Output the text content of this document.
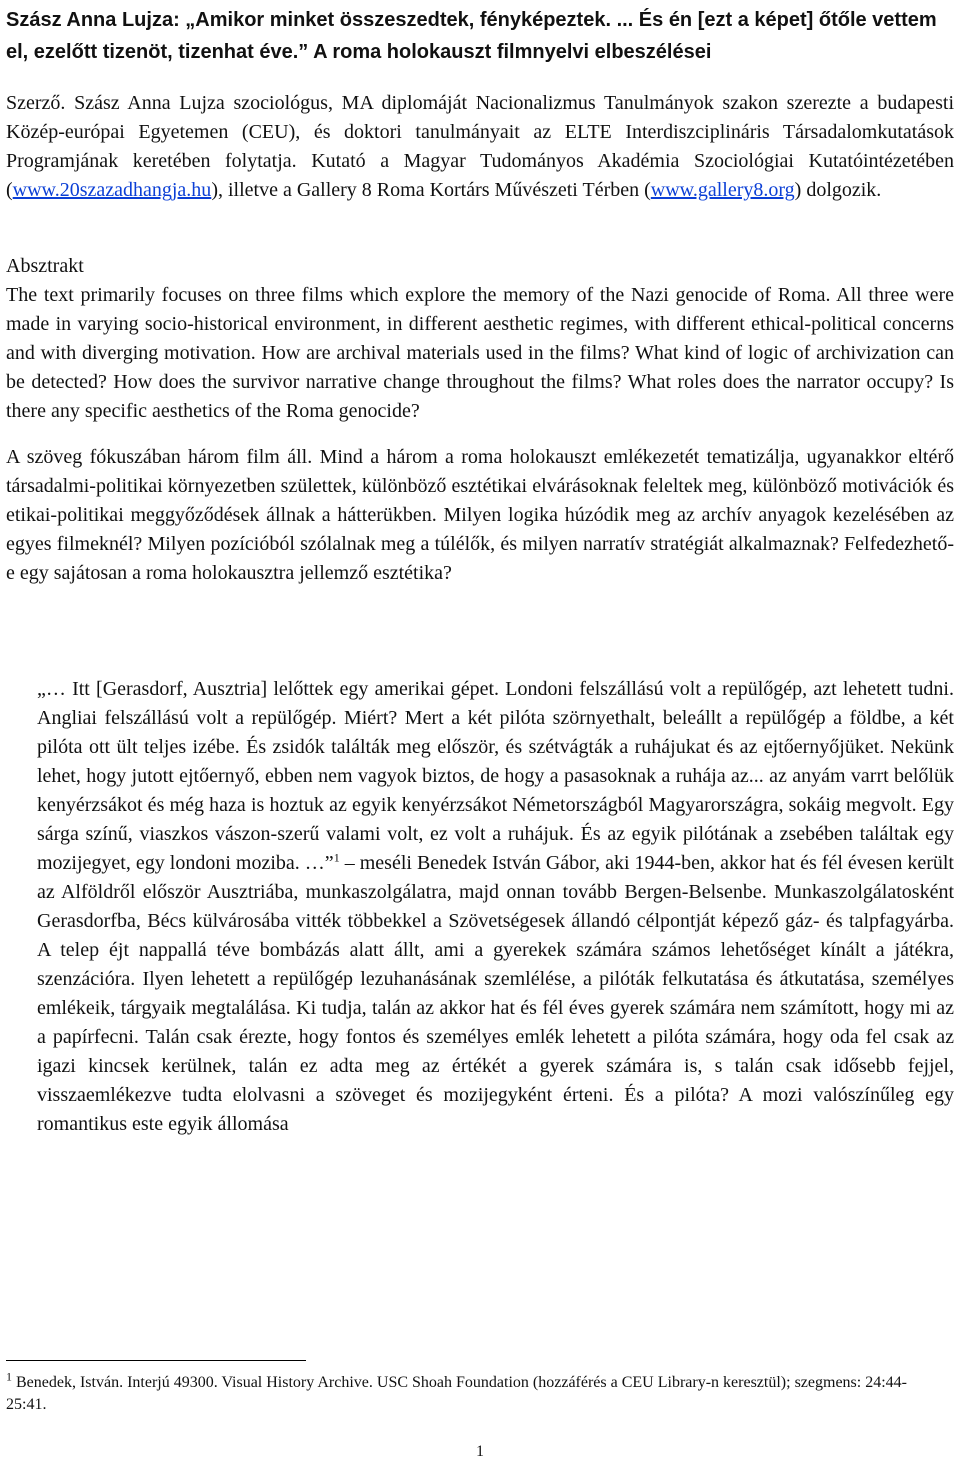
Szász Anna Lujza: „Amikor minket összeszedtek, fényképeztek. ... És én [ezt a képet] őtőle vettem el, ezelőtt tizenöt, tizenhat éve.” A roma holokauszt filmnyelvi elbeszélései

Szerző. Szász Anna Lujza szociológus, MA diplomáját Nacionalizmus Tanulmányok szakon szerezte a budapesti Közép-európai Egyetemen (CEU), és doktori tanulmányait az ELTE Interdiszciplináris Társadalomkutatások Programjának keretében folytatja. Kutató a Magyar Tudományos Akadémia Szociológiai Kutatóintézetében (www.20szazadhangja.hu), illetve a Gallery 8 Roma Kortárs Művészeti Térben (www.gallery8.org) dolgozik.

Absztrakt

The text primarily focuses on three films which explore the memory of the Nazi genocide of Roma. All three were made in varying socio-historical environment, in different aesthetic regimes, with different ethical-political concerns and with diverging motivation. How are archival materials used in the films? What kind of logic of archivization can be detected? How does the survivor narrative change throughout the films? What roles does the narrator occupy? Is there any specific aesthetics of the Roma genocide?

A szöveg fókuszában három film áll. Mind a három a roma holokauszt emlékezetét tematizálja, ugyanakkor eltérő társadalmi-politikai környezetben születtek, különböző esztétikai elvárásoknak feleltek meg, különböző motivációk és etikai-politikai meggyőződések állnak a hátterükben. Milyen logika húzódik meg az archív anyagok kezelésében az egyes filmeknél? Milyen pozícióból szólalnak meg a túlélők, és milyen narratív stratégiát alkalmaznak? Felfedezhető-e egy sajátosan a roma holokausztra jellemző esztétika?

„… Itt [Gerasdorf, Ausztria] lelőttek egy amerikai gépet. Londoni felszállású volt a repülőgép, azt lehetett tudni. Angliai felszállású volt a repülőgép. Miért? Mert a két pilóta szörnyethalt, beleállt a repülőgép a földbe, a két pilóta ott ült teljes izébe. És zsidók találták meg először, és szétvágták a ruhájukat és az ejtőernyőjüket. Nekünk lehet, hogy jutott ejtőernyő, ebben nem vagyok biztos, de hogy a pasasoknak a ruhája az... az anyám varrt belőlük kenyérzsákot és még haza is hoztuk az egyik kenyérzsákot Németországból Magyarországra, sokáig megvolt. Egy sárga színű, viaszkos vászon-szerű valami volt, ez volt a ruhájuk. És az egyik pilótának a zsebében találtak egy mozijegyet, egy londoni moziba. …”$^1$ – meséli Benedek István Gábor, aki 1944-ben, akkor hat és fél évesen került az Alföldről először Ausztriába, munkaszolgálatra, majd onnan tovább Bergen-Belsenbe. Munkaszolgálatosként Gerasdorfba, Bécs külvárosába vitték többekkel a Szövetségesek állandó célpontját képező gáz- és talpfagyárba. A telep éjt nappallá téve bombázás alatt állt, ami a gyerekek számára számos lehetőséget kínált a játékra, szenzációra. Ilyen lehetett a repülőgép lezuhanásának szemlélése, a pilóták felkutatása és átkutatása, személyes emlékeik, tárgyaik megtalálása. Ki tudja, talán az akkor hat és fél éves gyerek számára nem számított, hogy mi az a papírfecni. Talán csak érezte, hogy fontos és személyes emlék lehetett a pilóta számára, hogy oda fel csak az igazi kincsek kerülnek, talán ez adta meg az értékét a gyerek számára is, s talán csak idősebb fejjel, visszaemlékezve tudta elolvasni a szöveget és mozijegyként érteni. És a pilóta? A mozi valószínűleg egy romantikus este egyik állomása

$^1$ Benedek, István. Interjú 49300. Visual History Archive. USC Shoah Foundation (hozzáférés a CEU Library-n keresztül); szegmens: 24:44-25:41.
1
